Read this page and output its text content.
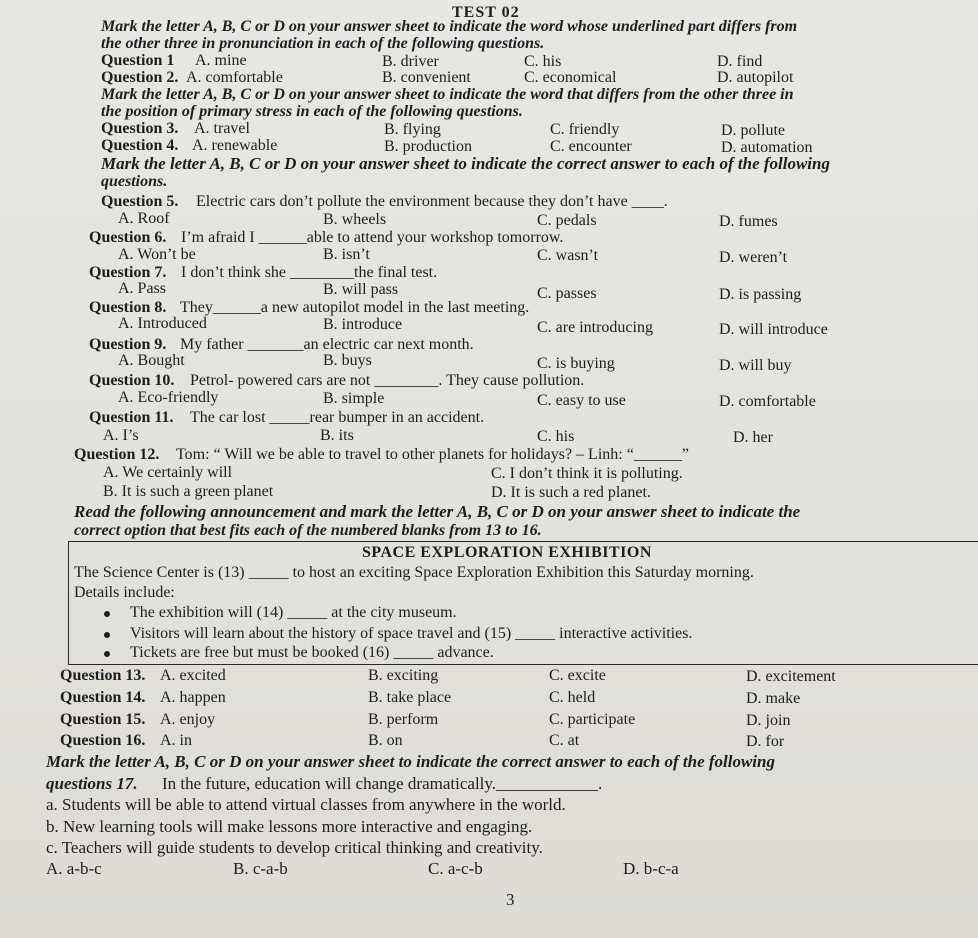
TEST 02
Mark the letter A, B, C or D on your answer sheet to indicate the word whose underlined part differs from
the other three in pronunciation in each of the following questions.
Question 1 A. mine	B. driver	C. his	D. find
Question 2. A. comfortable	B. convenient	C. economical	D. autopilot
Mark the letter A, B, C or D on your answer sheet to indicate the word that differs from the other three in
the position of primary stress in each of the following questions.
Question 3. A. travel	B. flying	C. friendly	D. pollute
Question 4. A. renewable	B. production	C. encounter	D. automation
Mark the letter A, B, C or D on your answer sheet to indicate the correct answer to each of the following
questions.
Question 5. Electric cars don’t pollute the environment because they don’t have ____.
A. Roof	B. wheels	C. pedals	D. fumes
Question 6. I’m afraid I ______able to attend your workshop tomorrow.
A. Won’t be	B. isn’t	C. wasn’t	D. weren’t
Question 7. I don’t think she ________the final test.
A. Pass	B. will pass	C. passes	D. is passing
Question 8. They______a new autopilot model in the last meeting.
A. Introduced	B. introduce	C. are introducing	D. will introduce
Question 9. My father _______an electric car next month.
A. Bought	B. buys	C. is buying	D. will buy
Question 10. Petrol- powered cars are not ________. They cause pollution.
A. Eco-friendly	B. simple	C. easy to use	D. comfortable
Question 11. The car lost _____rear bumper in an accident.
A. I’s	B. its	C. his	D. her
Question 12. Tom: “ Will we be able to travel to other planets for holidays? – Linh: “______”
A. We certainly will	C. I don’t think it is polluting.
B. It is such a green planet	D. It is such a red planet.
Read the following announcement and mark the letter A, B, C or D on your answer sheet to indicate the
correct option that best fits each of the numbered blanks from 13 to 16.
SPACE EXPLORATION EXHIBITION
The Science Center is (13) _____ to host an exciting Space Exploration Exhibition this Saturday morning.
Details include:
The exhibition will (14) _____ at the city museum.
Visitors will learn about the history of space travel and (15) _____ interactive activities.
Tickets are free but must be booked (16) _____ advance.
Question 13. A. excited	B. exciting	C. excite	D. excitement
Question 14. A. happen	B. take place	C. held	D. make
Question 15. A. enjoy	B. perform	C. participate	D. join
Question 16. A. in	B. on	C. at	D. for
Mark the letter A, B, C or D on your answer sheet to indicate the correct answer to each of the following
questions 17. In the future, education will change dramatically.____________.
a. Students will be able to attend virtual classes from anywhere in the world.
b. New learning tools will make lessons more interactive and engaging.
c. Teachers will guide students to develop critical thinking and creativity.
A. a-b-c	B. c-a-b	C. a-c-b	D. b-c-a
3
